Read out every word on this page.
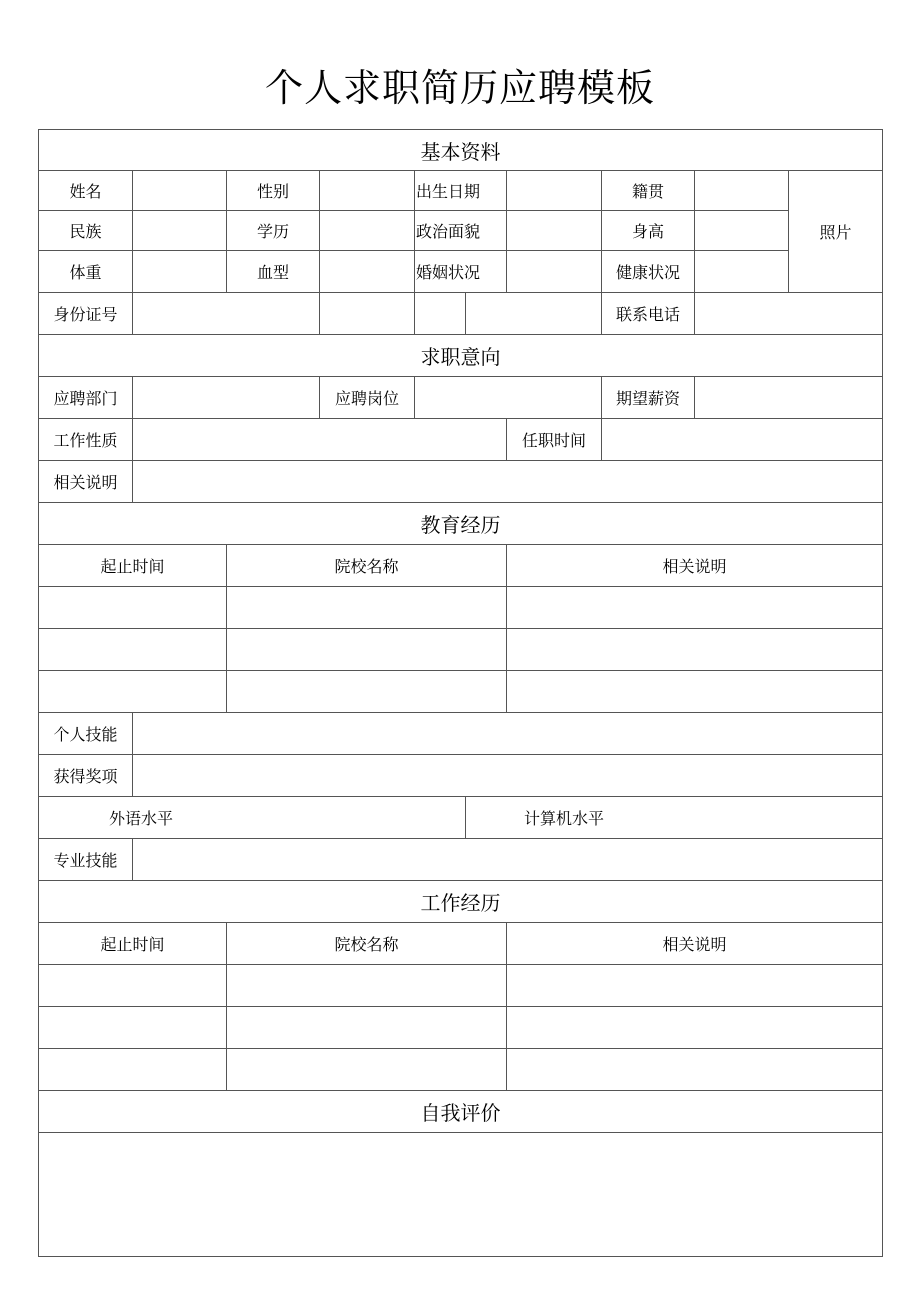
个人求职简历应聘模板
基本资料									
姓名		性别		出生日期			籍贯		照片
民族		学历		政治面貌			身高		
体重		血型		婚姻状况			健康状况		
身份证号							联系电话		
求职意向									
应聘部门			应聘岗位				期望薪资		
工作性质						任职时间			
相关说明									
教育经历									
起止时间		院校名称				相关说明			

个人技能									
获得奖项									
外语水平					计算机水平				
专业技能									
工作经历									
起止时间		院校名称				相关说明			

自我评价									
